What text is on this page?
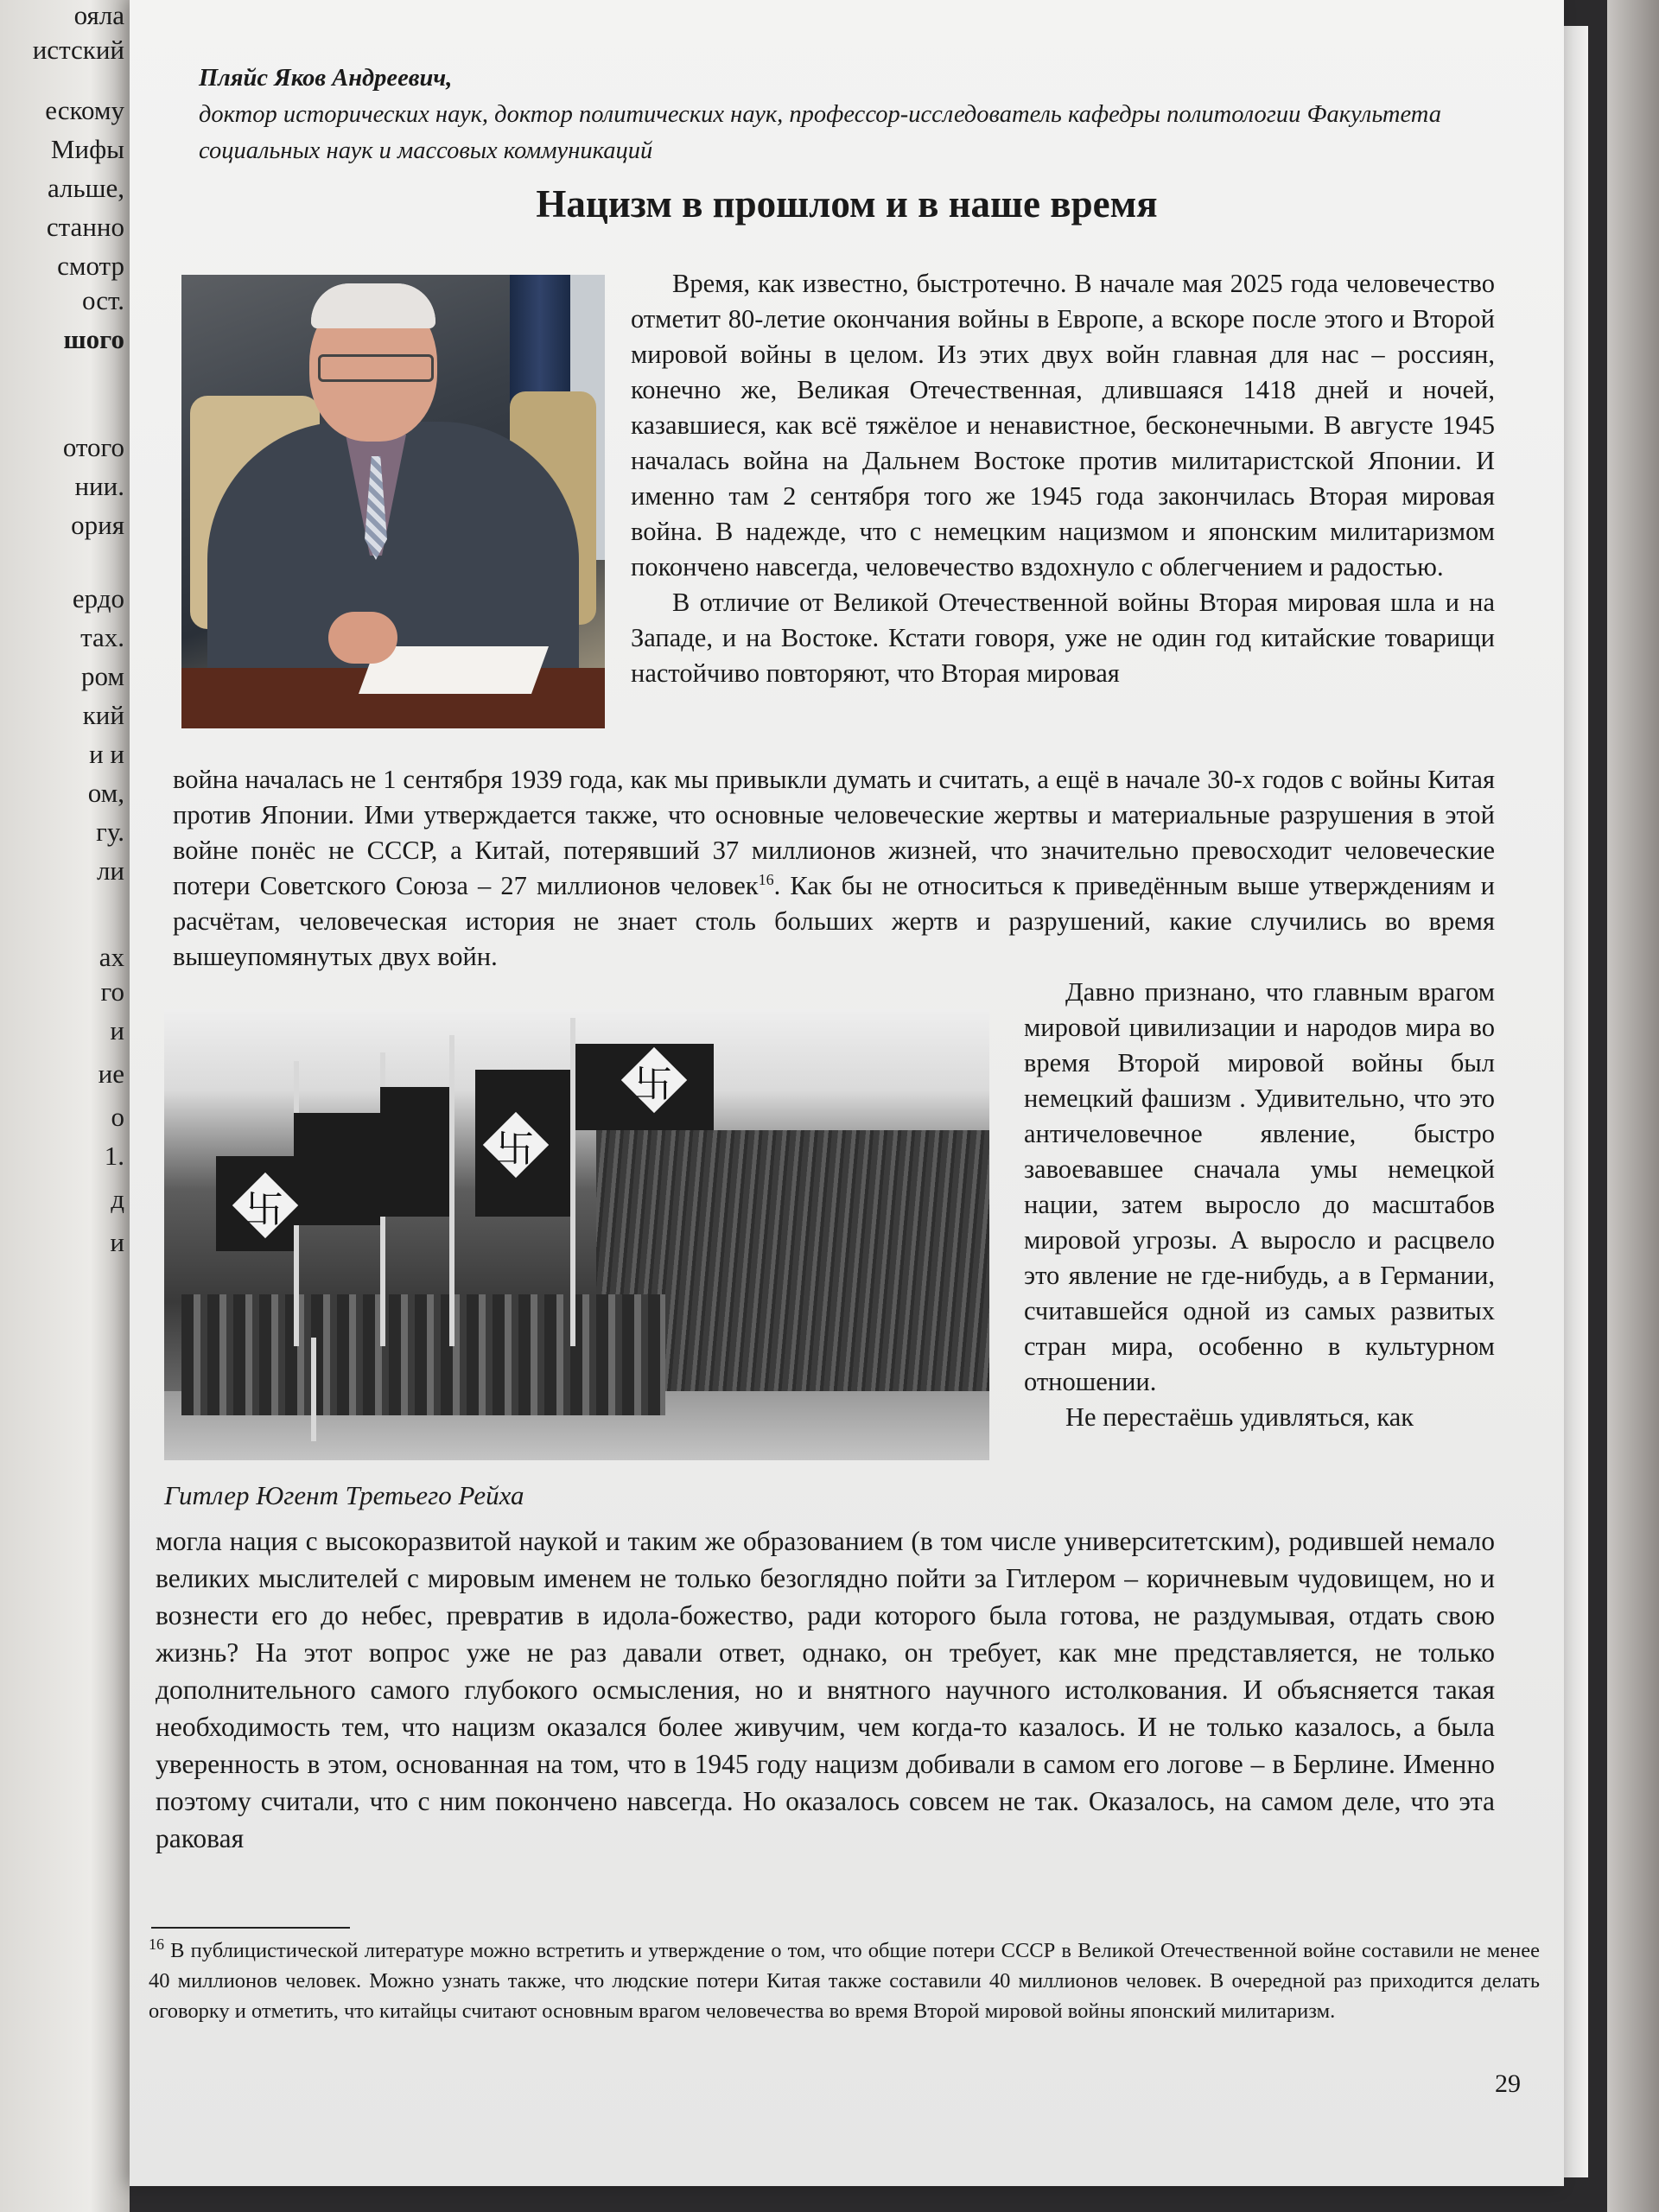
ояла
истский
ескому
Мифы
альше,
станно
смотр
ост.
шого
отого
нии.
ория
ердо
тах.
ром
кий
и и
ом,
гу.
ли
ах
го
и
ие
о
1.
д
и
Пляйс Яков Андреевич,
доктор исторических наук, доктор политических наук, профессор-исследователь кафедры политологии Факультета социальных наук и массовых коммуникаций
Нацизм в прошлом и в наше время

Время, как известно, быстротечно. В начале мая 2025 года человечество отметит 80-летие окончания войны в Европе, а вскоре после этого и Второй мировой войны в целом. Из этих двух войн главная для нас – россиян, конечно же, Великая Отечественная, длившаяся 1418 дней и ночей, казавшиеся, как всё тяжёлое и ненавистное, бесконечными. В августе 1945 началась война на Дальнем Востоке против милитаристской Японии. И именно там 2 сентября того же 1945 года закончилась Вторая мировая война. В надежде, что с немецким нацизмом и японским милитаризмом покончено навсегда, человечество вздохнуло с облегчением и радостью.

В отличие от Великой Отечественной войны Вторая мировая шла и на Западе, и на Востоке. Кстати говоря, уже не один год китайские товарищи настойчиво повторяют, что Вторая мировая

война началась не 1 сентября 1939 года, как мы привыкли думать и считать, а ещё в начале 30-х годов с войны Китая против Японии. Ими утверждается также, что основные человеческие жертвы и материальные разрушения в этой войне понёс не СССР, а Китай, потерявший 37 миллионов жизней, что значительно превосходит человеческие потери Советского Союза – 27 миллионов человек$^{16}$. Как бы не относиться к приведённым выше утверждениям и расчётам, человеческая история не знает столь больших жертв и разрушений, какие случились во время вышеупомянутых двух войн.

卐
卐
卐
Гитлер Югент Третьего Рейха

Давно признано, что главным врагом мировой цивилизации и народов мира во время Второй мировой войны был немецкий фашизм . Удивительно, что это античеловечное явление, быстро завоевавшее сначала умы немецкой нации, затем выросло до масштабов мировой угрозы. А выросло и расцвело это явление не где-нибудь, а в Германии, считавшейся одной из самых развитых стран мира, особенно в культурном отношении.

Не перестаёшь удивляться, как

могла нация с высокоразвитой наукой и таким же образованием (в том числе университетским), родившей немало великих мыслителей с мировым именем не только безоглядно пойти за Гитлером – коричневым чудовищем, но и вознести его до небес, превратив в идола-божество, ради которого была готова, не раздумывая, отдать свою жизнь? На этот вопрос уже не раз давали ответ, однако, он требует, как мне представляется, не только дополнительного самого глубокого осмысления, но и внятного научного истолкования. И объясняется такая необходимость тем, что нацизм оказался более живучим, чем когда-то казалось. И не только казалось, а была уверенность в этом, основанная на том, что в 1945 году нацизм добивали в самом его логове – в Берлине. Именно поэтому считали, что с ним покончено навсегда. Но оказалось совсем не так. Оказалось, на самом деле, что эта раковая

$^{16}$ В публицистической литературе можно встретить и утверждение о том, что общие потери СССР в Великой Отечественной войне составили не менее 40 миллионов человек. Можно узнать также, что людские потери Китая также составили 40 миллионов человек. В очередной раз приходится делать оговорку и отметить, что китайцы считают основным врагом человечества во время Второй мировой войны японский милитаризм.
29
